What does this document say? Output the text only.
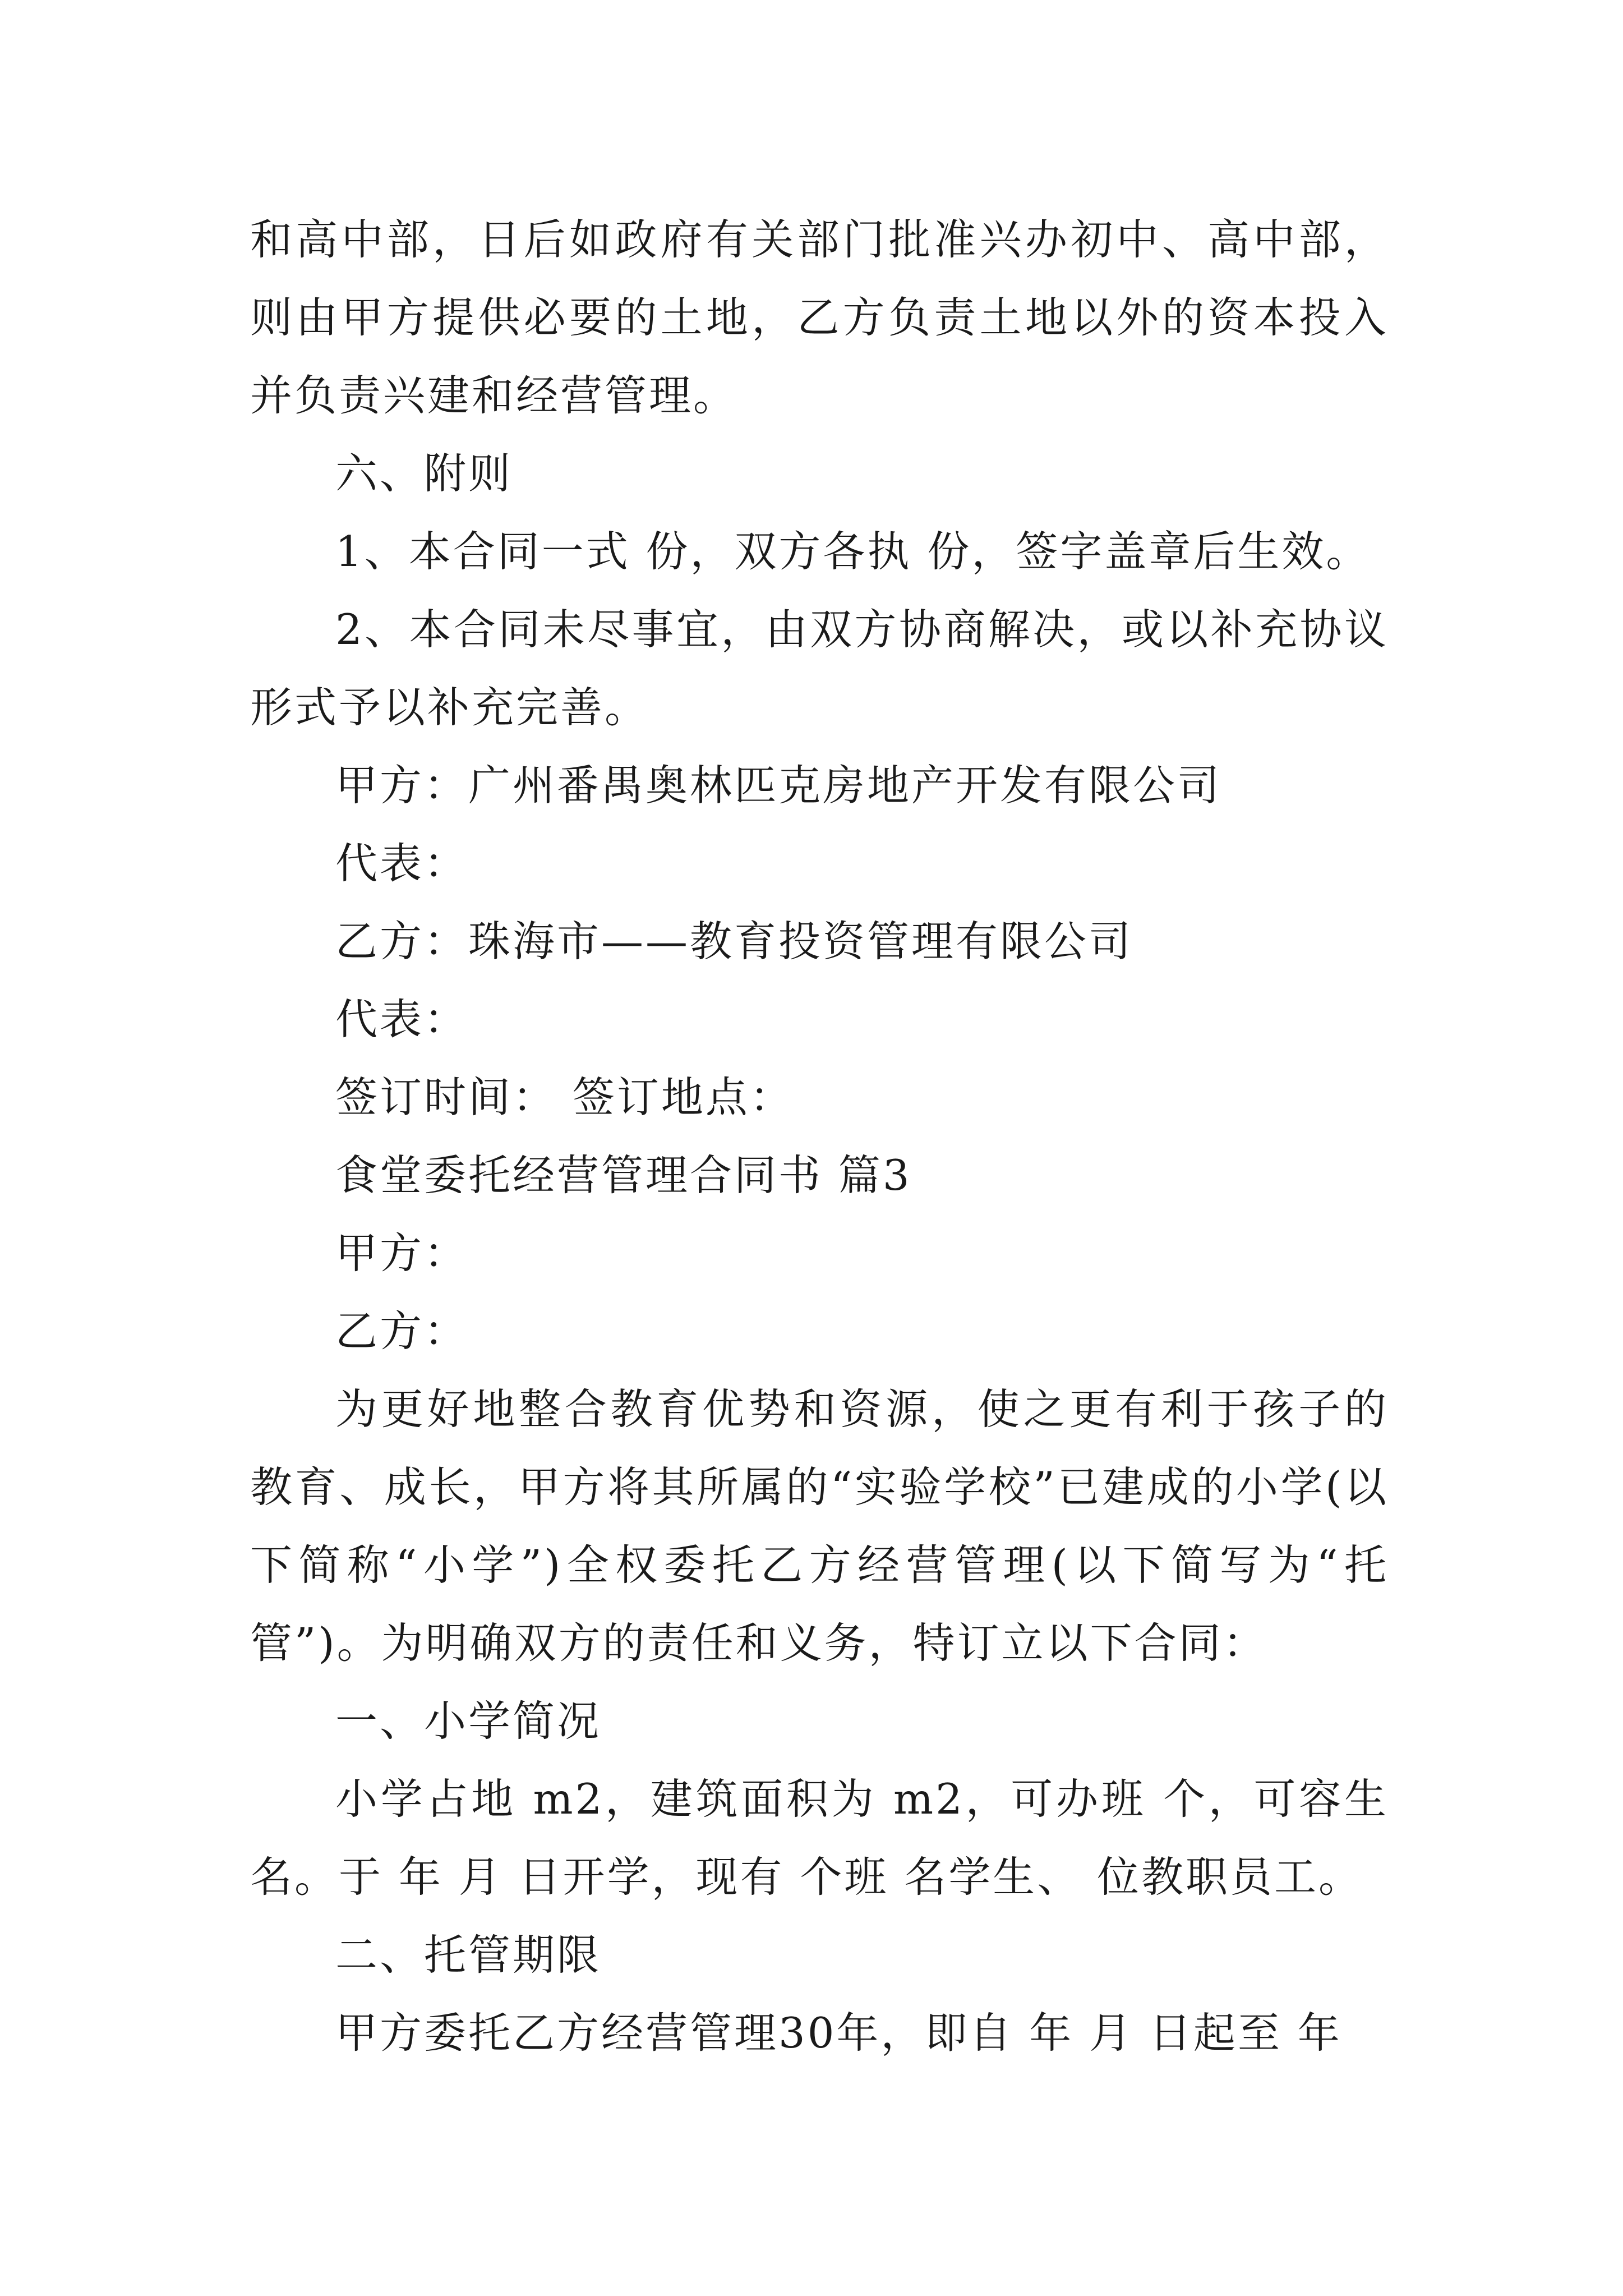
和高中部，日后如政府有关部门批准兴办初中、高中部，则由甲方提供必要的土地，乙方负责土地以外的资本投入并负责兴建和经营管理。

六、附则

1、本合同一式 份，双方各执 份，签字盖章后生效。

2、本合同未尽事宜，由双方协商解决，或以补充协议形式予以补充完善。

甲方：广州番禺奥林匹克房地产开发有限公司

代表：

乙方：珠海市——教育投资管理有限公司

代表：

签订时间： 签订地点：

食堂委托经营管理合同书 篇3

甲方：

乙方：

为更好地整合教育优势和资源，使之更有利于孩子的教育、成长，甲方将其所属的“实验学校”已建成的小学(以下简称“小学”)全权委托乙方经营管理(以下简写为“托管”)。为明确双方的责任和义务，特订立以下合同：

一、小学简况

小学占地 m2，建筑面积为 m2，可办班 个，可容生 名。于 年 月 日开学，现有 个班 名学生、 位教职员工。

二、托管期限

甲方委托乙方经营管理30年，即自 年 月 日起至 年
